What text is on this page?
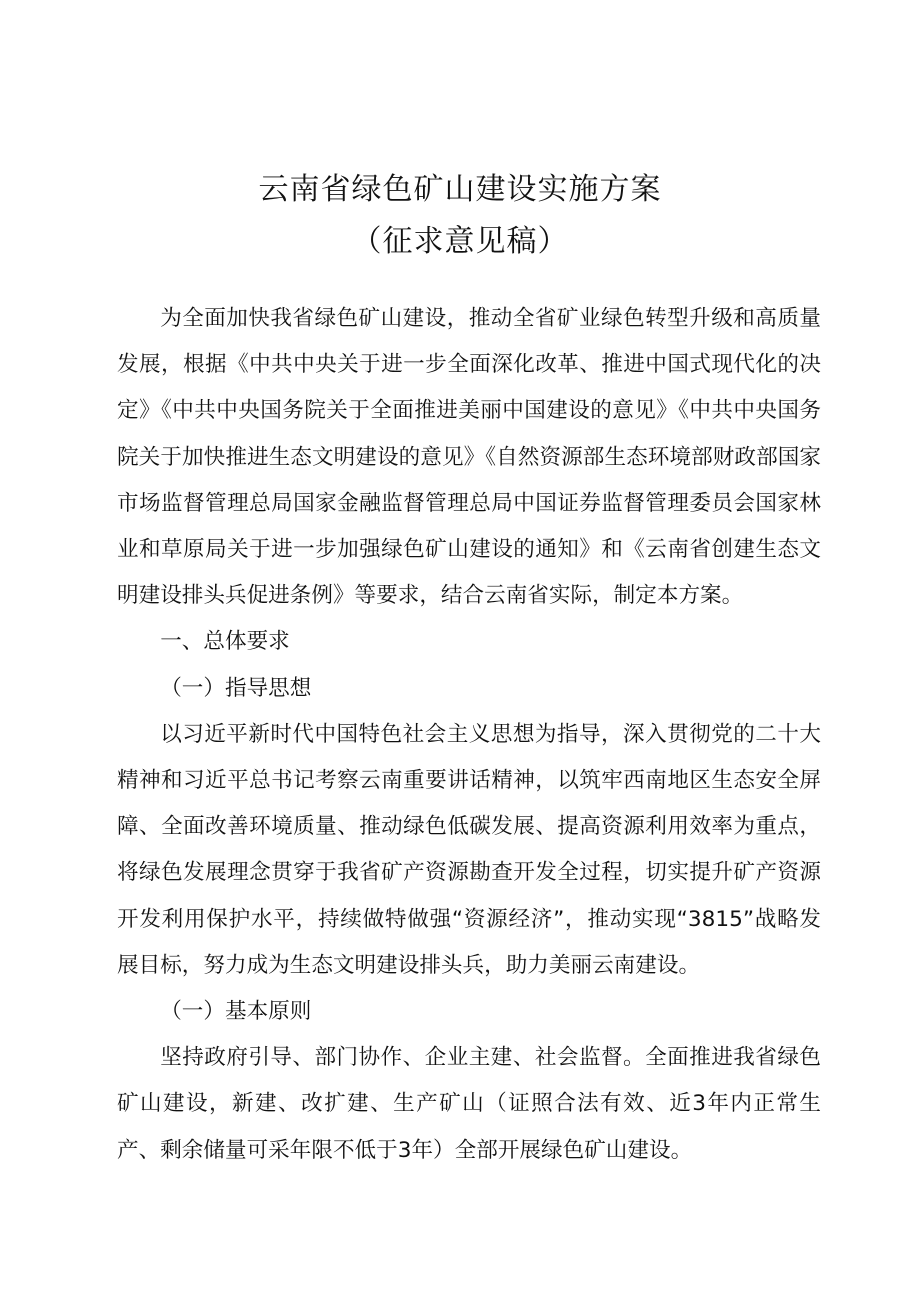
云南省绿色矿山建设实施方案
（征求意见稿）

为全面加快我省绿色矿山建设，推动全省矿业绿色转型升级和高质量发展，根据《中共中央关于进一步全面深化改革、推进中国式现代化的决定》《中共中央国务院关于全面推进美丽中国建设的意见》《中共中央国务院关于加快推进生态文明建设的意见》《自然资源部生态环境部财政部国家市场监督管理总局国家金融监督管理总局中国证券监督管理委员会国家林业和草原局关于进一步加强绿色矿山建设的通知》和《云南省创建生态文明建设排头兵促进条例》等要求，结合云南省实际，制定本方案。

一、总体要求

（一）指导思想

以习近平新时代中国特色社会主义思想为指导，深入贯彻党的二十大精神和习近平总书记考察云南重要讲话精神，以筑牢西南地区生态安全屏障、全面改善环境质量、推动绿色低碳发展、提高资源利用效率为重点，将绿色发展理念贯穿于我省矿产资源勘查开发全过程，切实提升矿产资源开发利用保护水平，持续做特做强“资源经济”，推动实现“3815”战略发展目标，努力成为生态文明建设排头兵，助力美丽云南建设。

（一）基本原则

坚持政府引导、部门协作、企业主建、社会监督。全面推进我省绿色矿山建设，新建、改扩建、生产矿山（证照合法有效、近3年内正常生产、剩余储量可采年限不低于3年）全部开展绿色矿山建设。
